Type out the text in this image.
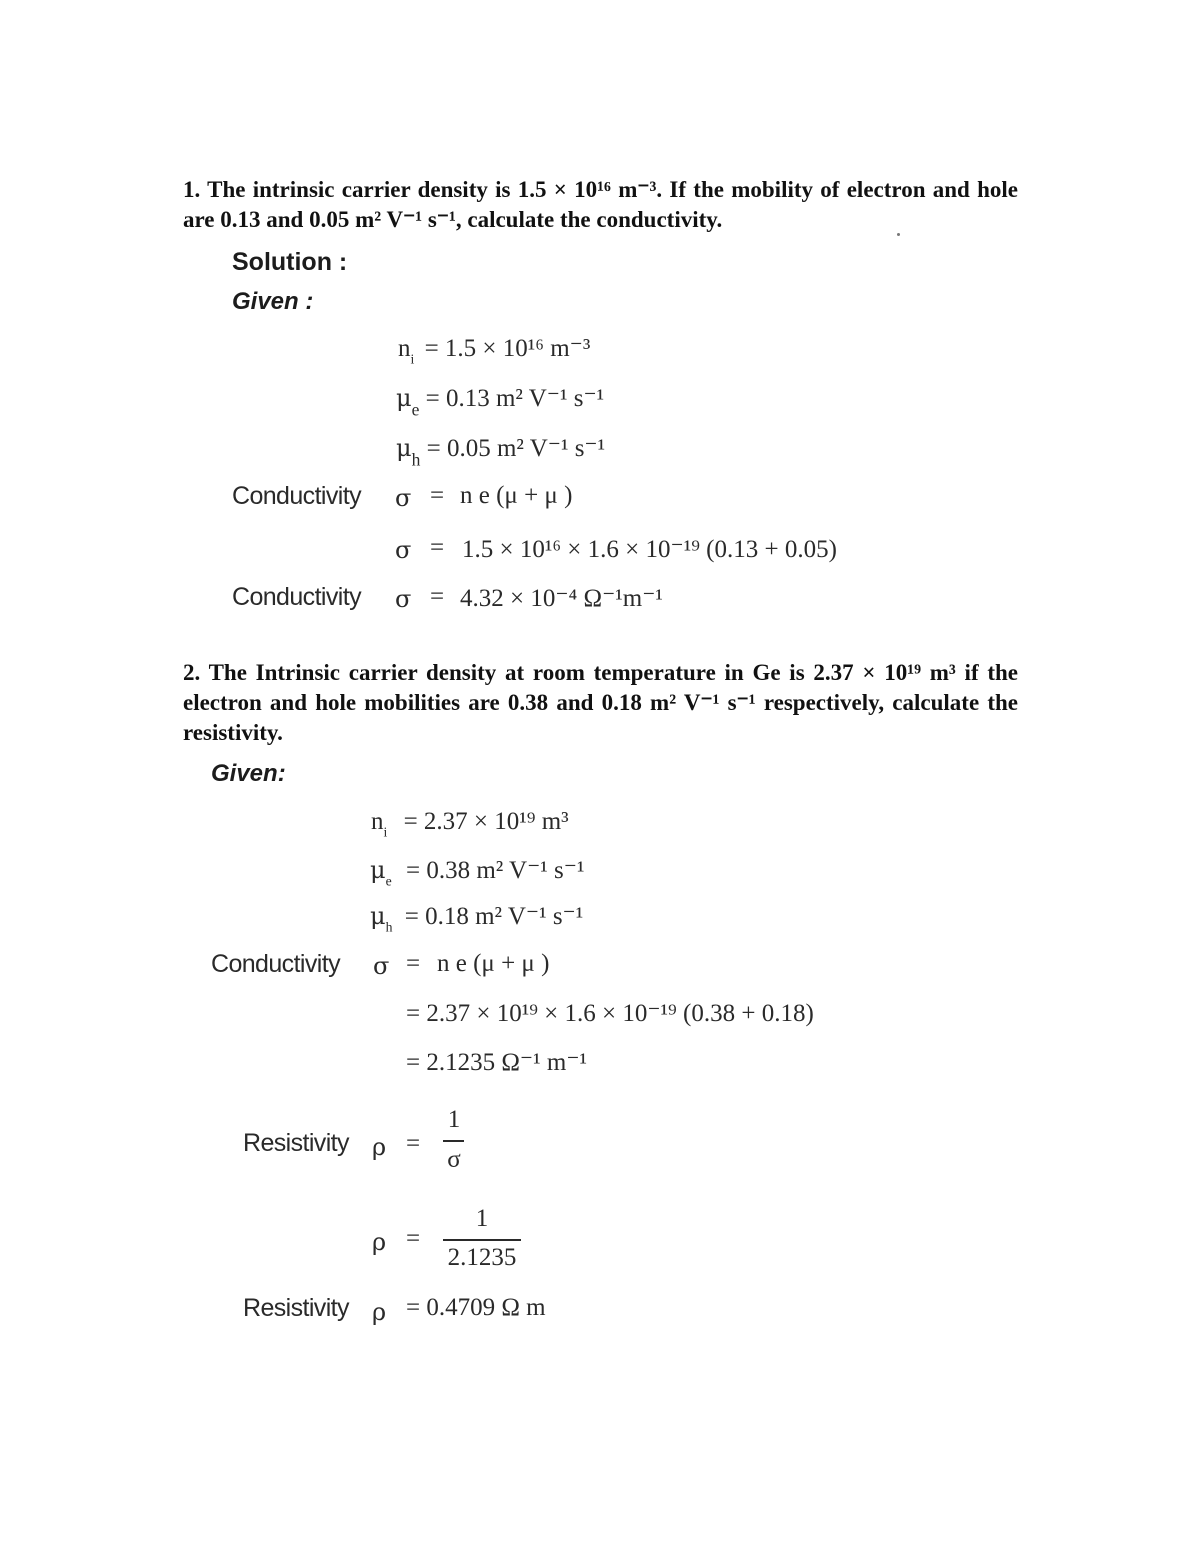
1. The intrinsic carrier density is 1.5 × 10¹⁶ m⁻³. If the mobility of electron and hole are 0.13 and 0.05 m² V⁻¹ s⁻¹, calculate the conductivity.
Solution :
Given :
$n_i = 1.5 \times 10^{16}$ m⁻³
$\mu_e = 0.13$ m² V⁻¹ s⁻¹
$\mu_h = 0.05$ m² V⁻¹ s⁻¹
Conductivity σ = n e (μ + μ )
σ = 1.5 × 10¹⁶ × 1.6 × 10⁻¹⁹ (0.13 + 0.05)
Conductivity σ = 4.32 × 10⁻⁴ Ω⁻¹m⁻¹
2. The Intrinsic carrier density at room temperature in Ge is 2.37 × 10¹⁹ m³ if the electron and hole mobilities are 0.38 and 0.18 m² V⁻¹ s⁻¹ respectively, calculate the resistivity.
Given:
$n_i = 2.37 \times 10^{19}$ m³
$\mu_e = 0.38$ m² V⁻¹ s⁻¹
$\mu_h = 0.18$ m² V⁻¹ s⁻¹
Conductivity σ = n e (μ + μ )
= 2.37 × 10¹⁹ × 1.6 × 10⁻¹⁹ (0.38 + 0.18)
= 2.1235 Ω⁻¹ m⁻¹
Resistivity ρ =
1
σ
ρ =
1
2.1235
Resistivity ρ = 0.4709 Ω m
